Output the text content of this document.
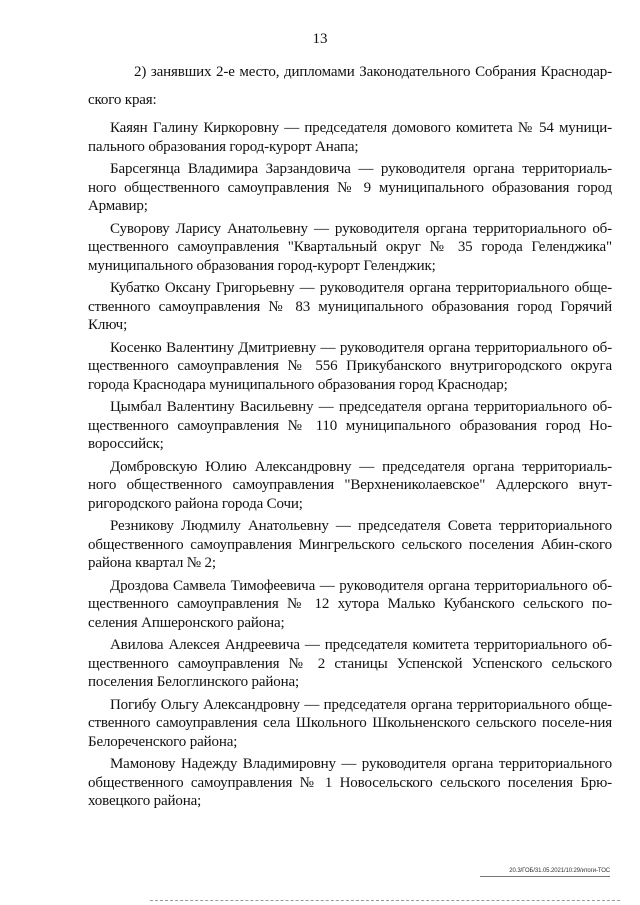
13

2) занявших 2-е место, дипломами Законодательного Собрания Краснодар-
ского края:

Каяян Галину Киркоровну — председателя домового комитета № 54 муници-пального образования город-курорт Анапа;

Барсегянца Владимира Зарзандовича — руководителя органа территориаль-ного общественного самоуправления № 9 муниципального образования город Армавир;

Суворову Ларису Анатольевну — руководителя органа территориального об-щественного самоуправления "Квартальный округ № 35 города Геленджика" муниципального образования город-курорт Геленджик;

Кубатко Оксану Григорьевну — руководителя органа территориального обще-ственного самоуправления № 83 муниципального образования город Горячий Ключ;

Косенко Валентину Дмитриевну — руководителя органа территориального об-щественного самоуправления № 556 Прикубанского внутригородского округа города Краснодара муниципального образования город Краснодар;

Цымбал Валентину Васильевну — председателя органа территориального об-щественного самоуправления № 110 муниципального образования город Но-вороссийск;

Домбровскую Юлию Александровну — председателя органа территориаль-ного общественного самоуправления "Верхнениколаевское" Адлерского внут-ригородского района города Сочи;

Резникову Людмилу Анатольевну — председателя Совета территориального общественного самоуправления Мингрельского сельского поселения Абин-ского района квартал № 2;

Дроздова Самвела Тимофеевича — руководителя органа территориального об-щественного самоуправления № 12 хутора Малько Кубанского сельского по-селения Апшеронского района;

Авилова Алексея Андреевича — председателя комитета территориального об-щественного самоуправления № 2 станицы Успенской Успенского сельского поселения Белоглинского района;

Погибу Ольгу Александровну — председателя органа территориального обще-ственного самоуправления села Школьного Школьненского сельского поселе-ния Белореченского района;

Мамонову Надежду Владимировну — руководителя органа территориального общественного самоуправления № 1 Новосельского сельского поселения Брю-ховецкого района;

20.3/ГОБ/31.05.2021/10:29/итоги-ТОС
